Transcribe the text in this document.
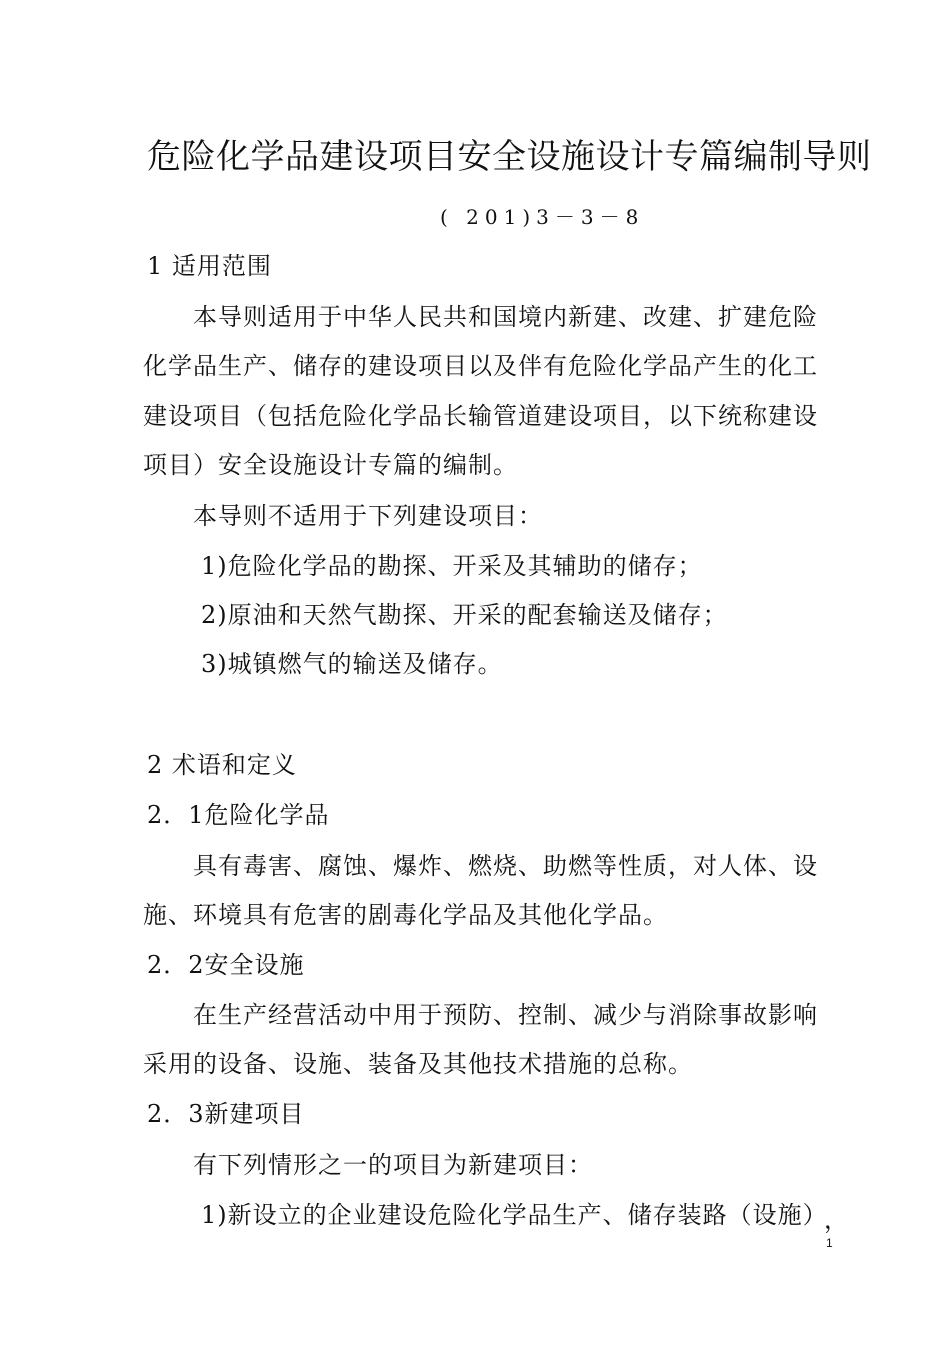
危险化学品建设项目安全设施设计专篇编制导则
( 201)3－3－8
1 适用范围
本导则适用于中华人民共和国境内新建、改建、扩建危险
化学品生产、储存的建设项目以及伴有危险化学品产生的化工
建设项目（包括危险化学品长输管道建设项目，以下统称建设
项目）安全设施设计专篇的编制。
本导则不适用于下列建设项目：
1)危险化学品的勘探、开采及其辅助的储存；
2)原油和天然气勘探、开采的配套输送及储存；
3)城镇燃气的输送及储存。
2 术语和定义
2．1危险化学品
具有毒害、腐蚀、爆炸、燃烧、助燃等性质，对人体、设
施、环境具有危害的剧毒化学品及其他化学品。
2．2安全设施
在生产经营活动中用于预防、控制、减少与消除事故影响
采用的设备、设施、装备及其他技术措施的总称。
2．3新建项目
有下列情形之一的项目为新建项目：
1)新设立的企业建设危险化学品生产、储存装路（设施）
，
1
